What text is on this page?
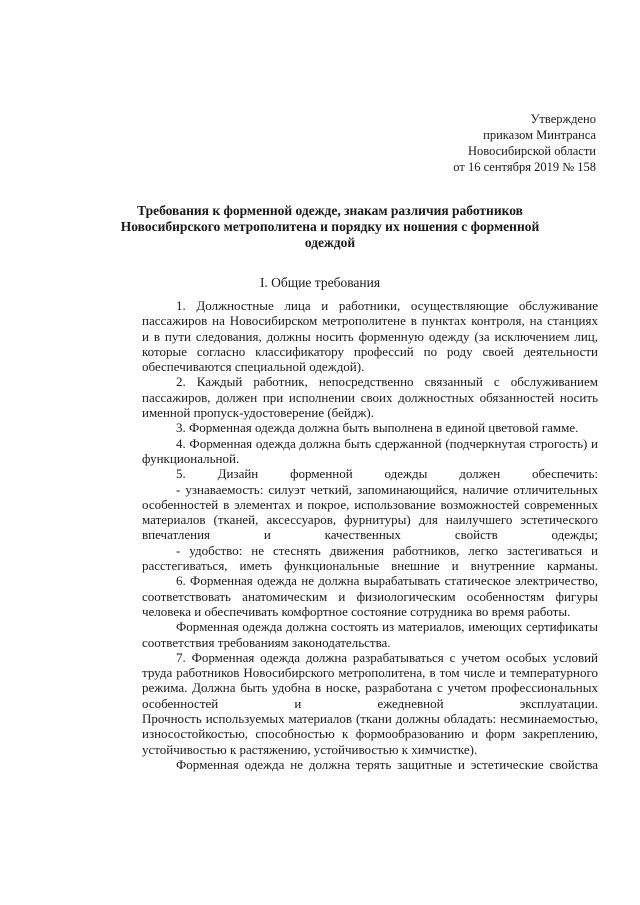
Утверждено
приказом Минтранса
Новосибирской области
от 16 сентября 2019 № 158
Требования к форменной одежде, знакам различия работников
Новосибирского метрополитена и порядку их ношения с форменной
одеждой
I. Общие требования
1. Должностные лица и работники, осуществляющие обслуживание
пассажиров на Новосибирском метрополитене в пунктах контроля, на станциях
и в пути следования, должны носить форменную одежду (за исключением лиц,
которые согласно классификатору профессий по роду своей деятельности
обеспечиваются специальной одеждой).
2. Каждый работник, непосредственно связанный с обслуживанием
пассажиров, должен при исполнении своих должностных обязанностей носить
именной пропуск-удостоверение (бейдж).
3. Форменная одежда должна быть выполнена в единой цветовой гамме.
4. Форменная одежда должна быть сдержанной (подчеркнутая строгость) и
функциональной.
5. Дизайн форменной одежды должен обеспечить:
- узнаваемость: силуэт четкий, запоминающийся, наличие отличительных
особенностей в элементах и покрое, использование возможностей современных
материалов (тканей, аксессуаров, фурнитуры) для наилучшего эстетического
впечатления и качественных свойств одежды;
- удобство: не стеснять движения работников, легко застегиваться и
расстегиваться, иметь функциональные внешние и внутренние карманы.
6. Форменная одежда не должна вырабатывать статическое электричество,
соответствовать анатомическим и физиологическим особенностям фигуры
человека и обеспечивать комфортное состояние сотрудника во время работы.
Форменная одежда должна состоять из материалов, имеющих сертификаты
соответствия требованиям законодательства.
7. Форменная одежда должна разрабатываться с учетом особых условий
труда работников Новосибирского метрополитена, в том числе и температурного
режима. Должна быть удобна в носке, разработана с учетом профессиональных
особенностей и ежедневной эксплуатации.
Прочность используемых материалов (ткани должны обладать: несминаемостью,
износостойкостью, способностью к формообразованию и форм закреплению,
устойчивостью к растяжению, устойчивостью к химчистке).
Форменная одежда не должна терять защитные и эстетические свойства
